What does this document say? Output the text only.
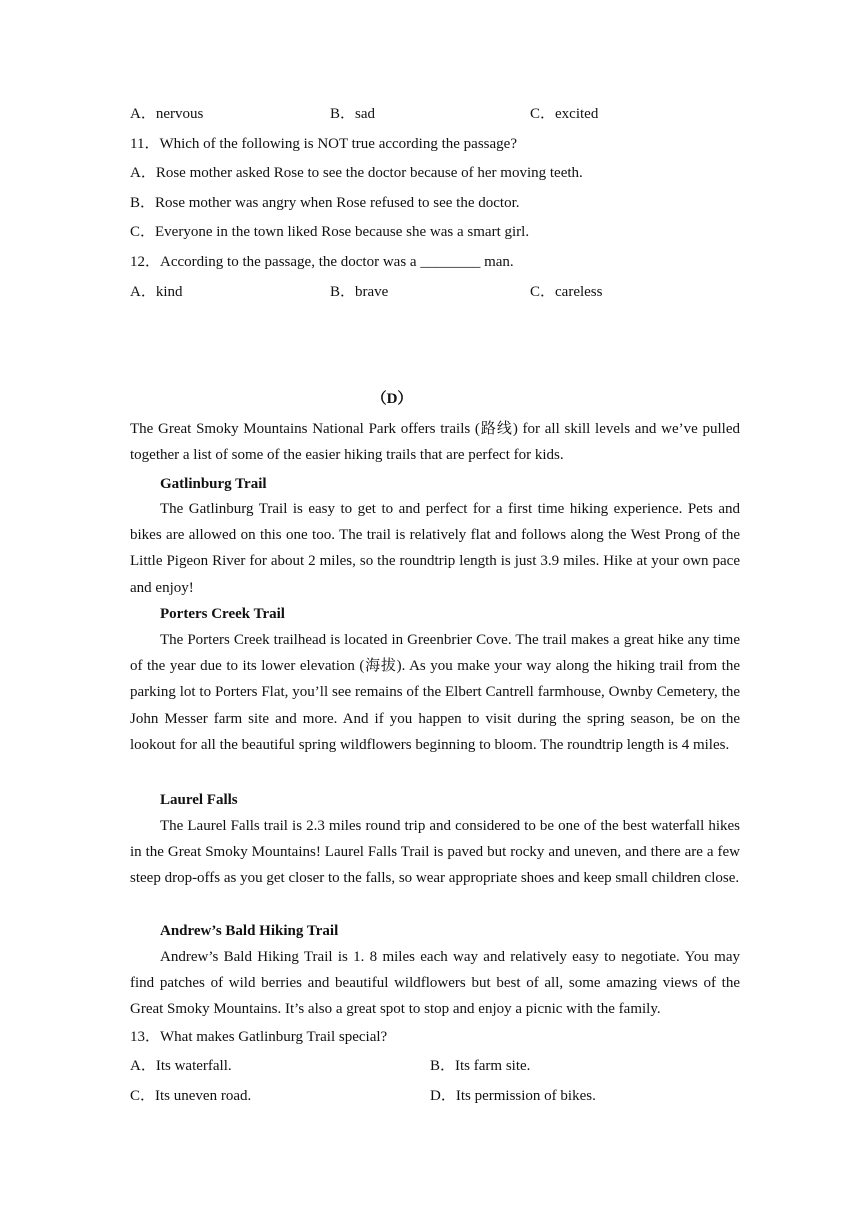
A．nervous	B．sad	C．excited
11．Which of the following is NOT true according the passage?
A．Rose mother asked Rose to see the doctor because of her moving teeth.
B．Rose mother was angry when Rose refused to see the doctor.
C．Everyone in the town liked Rose because she was a smart girl.
12．According to the passage, the doctor was a ________ man.
A．kind	B．brave	C．careless
（D）
The Great Smoky Mountains National Park offers trails (路线) for all skill levels and we’ve pulled together a list of some of the easier hiking trails that are perfect for kids.
Gatlinburg Trail
The Gatlinburg Trail is easy to get to and perfect for a first time hiking experience. Pets and bikes are allowed on this one too. The trail is relatively flat and follows along the West Prong of the Little Pigeon River for about 2 miles, so the roundtrip length is just 3.9 miles. Hike at your own pace and enjoy!
Porters Creek Trail
The Porters Creek trailhead is located in Greenbrier Cove. The trail makes a great hike any time of the year due to its lower elevation (海拔). As you make your way along the hiking trail from the parking lot to Porters Flat, you’ll see remains of the Elbert Cantrell farmhouse, Ownby Cemetery, the John Messer farm site and more. And if you happen to visit during the spring season, be on the lookout for all the beautiful spring wildflowers beginning to bloom. The roundtrip length is 4 miles.
Laurel Falls
The Laurel Falls trail is 2.3 miles round trip and considered to be one of the best waterfall hikes in the Great Smoky Mountains! Laurel Falls Trail is paved but rocky and uneven, and there are a few steep drop-offs as you get closer to the falls, so wear appropriate shoes and keep small children close.
Andrew’s Bald Hiking Trail
Andrew’s Bald Hiking Trail is 1. 8 miles each way and relatively easy to negotiate. You may find patches of wild berries and beautiful wildflowers but best of all, some amazing views of the Great Smoky Mountains. It’s also a great spot to stop and enjoy a picnic with the family.
13．What makes Gatlinburg Trail special?
A．Its waterfall.	B．Its farm site.
C．Its uneven road.	D．Its permission of bikes.
